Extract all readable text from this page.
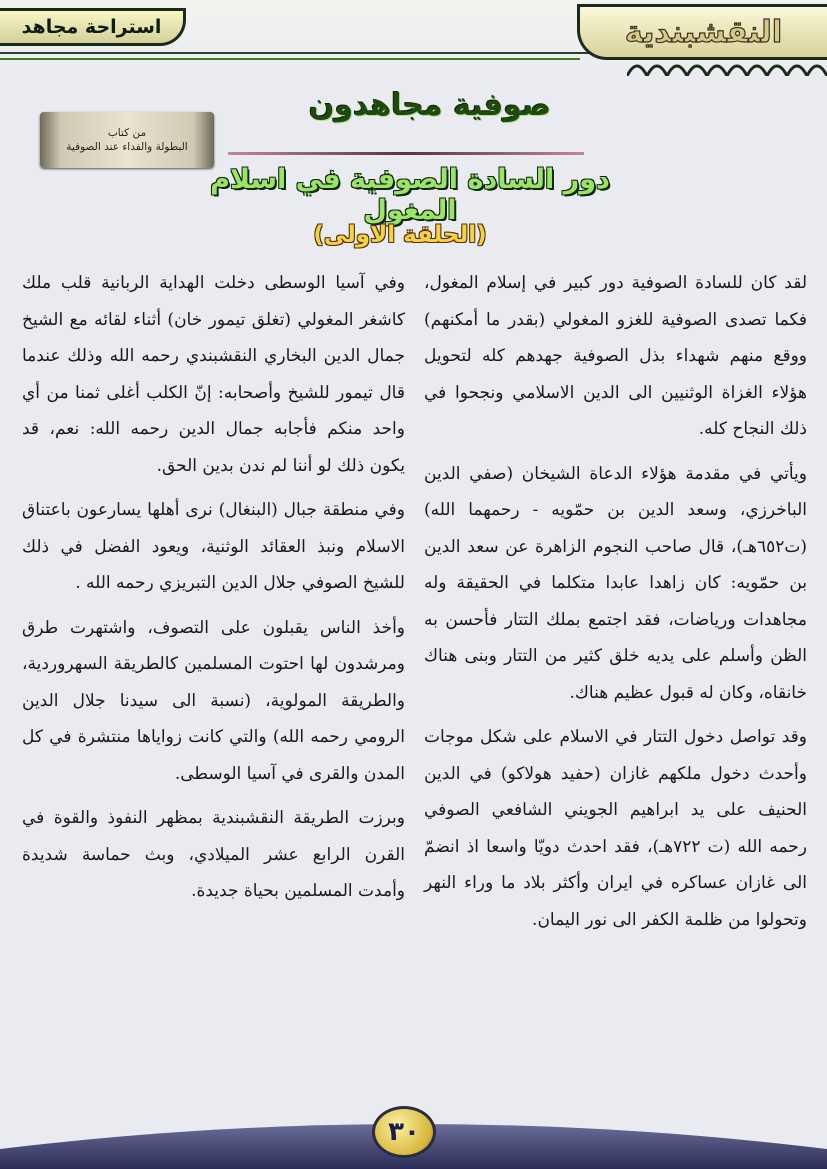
استراحة مجاهد	النقشبندية
من كتاب
البطولة والفداء عند الصوفية
صوفية مجاهدون
دور السادة الصوفية في اسلام المغول
(الحلقة الاولى)

لقد كان للسادة الصوفية دور كبير في إسلام المغول، فكما تصدى الصوفية للغزو المغولي (بقدر ما أمكنهم) ووقع منهم شهداء بذل الصوفية جهدهم كله لتحويل هؤلاء الغزاة الوثنيين الى الدين الاسلامي ونجحوا في ذلك النجاح كله.

ويأتي في مقدمة هؤلاء الدعاة الشيخان (صفي الدين الباخرزي، وسعد الدين بن حمّويه - رحمهما الله) (ت٦٥٢هـ)، قال صاحب النجوم الزاهرة عن سعد الدين بن حمّويه: كان زاهدا عابدا متكلما في الحقيقة وله مجاهدات ورياضات، فقد اجتمع بملك التتار فأحسن به الظن وأسلم على يديه خلق كثير من التتار وبنى هناك خانقاه، وكان له قبول عظيم هناك.

وقد تواصل دخول التتار في الاسلام على شكل موجات وأحدث دخول ملكهم غازان (حفيد هولاكو) في الدين الحنيف على يد ابراهيم الجويني الشافعي الصوفي رحمه الله (ت ٧٢٢هـ)، فقد احدث دويّا واسعا اذ انضمّ الى غازان عساكره في ايران وأكثر بلاد ما وراء النهر وتحولوا من ظلمة الكفر الى نور اليمان.

وفي آسيا الوسطى دخلت الهداية الربانية قلب ملك كاشغر المغولي (تغلق تيمور خان) أثناء لقائه مع الشيخ جمال الدين البخاري النقشبندي رحمه الله وذلك عندما قال تيمور للشيخ وأصحابه: إنّ الكلب أغلى ثمنا من أي واحد منكم فأجابه جمال الدين رحمه الله: نعم، قد يكون ذلك لو أننا لم ندن بدين الحق.

وفي منطقة جبال (البنغال) نرى أهلها يسارعون باعتناق الاسلام ونبذ العقائد الوثنية، ويعود الفضل في ذلك للشيخ الصوفي جلال الدين التبريزي رحمه الله .

وأخذ الناس يقبلون على التصوف، واشتهرت طرق ومرشدون لها احتوت المسلمين كالطريقة السهروردية، والطريقة المولوية، (نسبة الى سيدنا جلال الدين الرومي رحمه الله) والتي كانت زواياها منتشرة في كل المدن والقرى في آسيا الوسطى.

وبرزت الطريقة النقشبندية بمظهر النفوذ والقوة في القرن الرابع عشر الميلادي، وبث حماسة شديدة وأمدت المسلمين بحياة جديدة.

٣٠
